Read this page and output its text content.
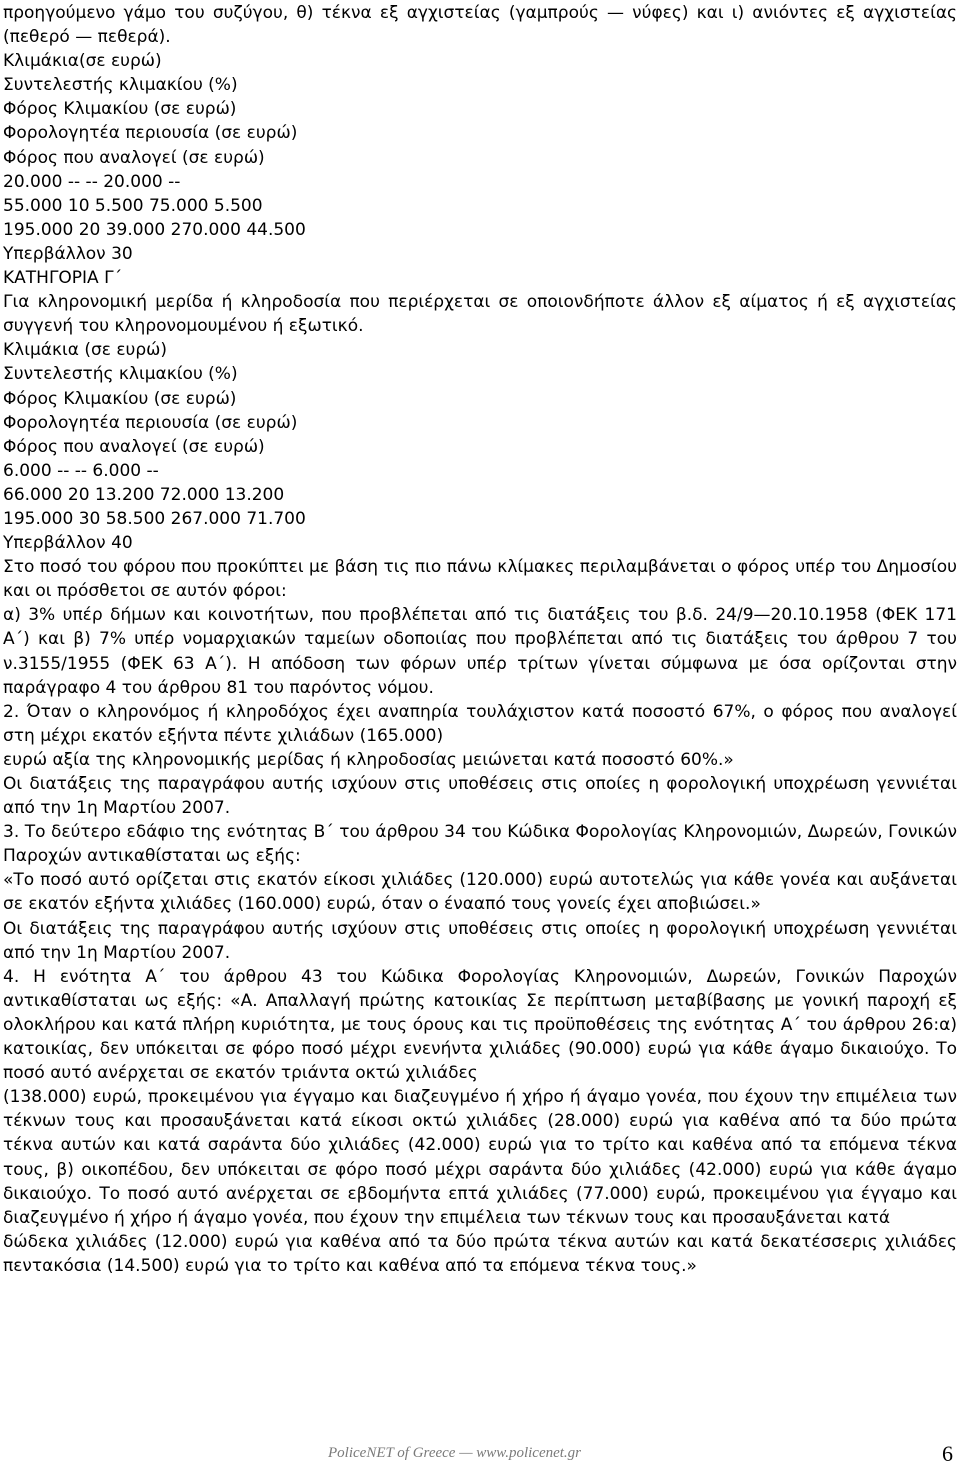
προηγούμενο γάμο του συζύγου, θ) τέκνα εξ αγχιστείας (γαμπρούς — νύφες) και ι) ανιόντες εξ αγχιστείας (πεθερό — πεθερά).

Κλιμάκια(σε ευρώ)

Συντελεστής κλιμακίου (%)

Φόρος Κλιμακίου (σε ευρώ)

Φορολογητέα περιουσία (σε ευρώ)

Φόρος που αναλογεί (σε ευρώ)

20.000 -- -- 20.000 --

55.000 10 5.500 75.000 5.500

195.000 20 39.000 270.000 44.500

Υπερβάλλον 30

ΚΑΤΗΓΟΡΙΑ Γ΄

Για κληρονομική μερίδα ή κληροδοσία που περιέρχεται σε οποιονδήποτε άλλον εξ αίματος ή εξ αγχιστείας συγγενή του κληρονομουμένου ή εξωτικό.

Κλιμάκια (σε ευρώ)

Συντελεστής κλιμακίου (%)

Φόρος Κλιμακίου (σε ευρώ)

Φορολογητέα περιουσία (σε ευρώ)

Φόρος που αναλογεί (σε ευρώ)

6.000 -- -- 6.000 --

66.000 20 13.200 72.000 13.200

195.000 30 58.500 267.000 71.700

Υπερβάλλον 40

Στο ποσό του φόρου που προκύπτει με βάση τις πιο πάνω κλίμακες περιλαμβάνεται ο φόρος υπέρ του Δημοσίου και οι πρόσθετοι σε αυτόν φόροι:

α) 3% υπέρ δήμων και κοινοτήτων, που προβλέπεται από τις διατάξεις του β.δ. 24/9—20.10.1958 (ΦΕΚ 171 Α΄) και β) 7% υπέρ νομαρχιακών ταμείων οδοποιίας που προβλέπεται από τις διατάξεις του άρθρου 7 του ν.3155/1955 (ΦΕΚ 63 Α΄). Η απόδοση των φόρων υπέρ τρίτων γίνεται σύμφωνα με όσα ορίζονται στην παράγραφο 4 του άρθρου 81 του παρόντος νόμου.

2. Όταν ο κληρονόμος ή κληροδόχος έχει αναπηρία τουλάχιστον κατά ποσοστό 67%, ο φόρος που αναλογεί στη μέχρι εκατόν εξήντα πέντε χιλιάδων (165.000)

ευρώ αξία της κληρονομικής μερίδας ή κληροδοσίας μειώνεται κατά ποσοστό 60%.»

Οι διατάξεις της παραγράφου αυτής ισχύουν στις υποθέσεις στις οποίες η φορολογική υποχρέωση γεννιέται από την 1η Μαρτίου 2007.

3. Το δεύτερο εδάφιο της ενότητας Β΄ του άρθρου 34 του Κώδικα Φορολογίας Κληρονομιών, Δωρεών, Γονικών Παροχών αντικαθίσταται ως εξής:

«Το ποσό αυτό ορίζεται στις εκατόν είκοσι χιλιάδες (120.000) ευρώ αυτοτελώς για κάθε γονέα και αυξάνεται σε εκατόν εξήντα χιλιάδες (160.000) ευρώ, όταν ο ένααπό τους γονείς έχει αποβιώσει.»

Οι διατάξεις της παραγράφου αυτής ισχύουν στις υποθέσεις στις οποίες η φορολογική υποχρέωση γεννιέται από την 1η Μαρτίου 2007.

4. Η ενότητα Α΄ του άρθρου 43 του Κώδικα Φορολογίας Κληρονομιών, Δωρεών, Γονικών Παροχών αντικαθίσταται ως εξής: «Α. Απαλλαγή πρώτης κατοικίας Σε περίπτωση μεταβίβασης με γονική παροχή εξ ολοκλήρου και κατά πλήρη κυριότητα, με τους όρους και τις προϋποθέσεις της ενότητας Α΄ του άρθρου 26:α) κατοικίας, δεν υπόκειται σε φόρο ποσό μέχρι ενενήντα χιλιάδες (90.000) ευρώ για κάθε άγαμο δικαιούχο. Το ποσό αυτό ανέρχεται σε εκατόν τριάντα οκτώ χιλιάδες

(138.000) ευρώ, προκειμένου για έγγαμο και διαζευγμένο ή χήρο ή άγαμο γονέα, που έχουν την επιμέλεια των τέκνων τους και προσαυξάνεται κατά είκοσι οκτώ χιλιάδες (28.000) ευρώ για καθένα από τα δύο πρώτα τέκνα αυτών και κατά σαράντα δύο χιλιάδες (42.000) ευρώ για το τρίτο και καθένα από τα επόμενα τέκνα τους, β) οικοπέδου, δεν υπόκειται σε φόρο ποσό μέχρι σαράντα δύο χιλιάδες (42.000) ευρώ για κάθε άγαμο δικαιούχο. Το ποσό αυτό ανέρχεται σε εβδομήντα επτά χιλιάδες (77.000) ευρώ, προκειμένου για έγγαμο και διαζευγμένο ή χήρο ή άγαμο γονέα, που έχουν την επιμέλεια των τέκνων τους και προσαυξάνεται κατά

δώδεκα χιλιάδες (12.000) ευρώ για καθένα από τα δύο πρώτα τέκνα αυτών και κατά δεκατέσσερις χιλιάδες πεντακόσια (14.500) ευρώ για το τρίτο και καθένα από τα επόμενα τέκνα τους.»

PoliceNET of Greece — www.policenet.gr	6
